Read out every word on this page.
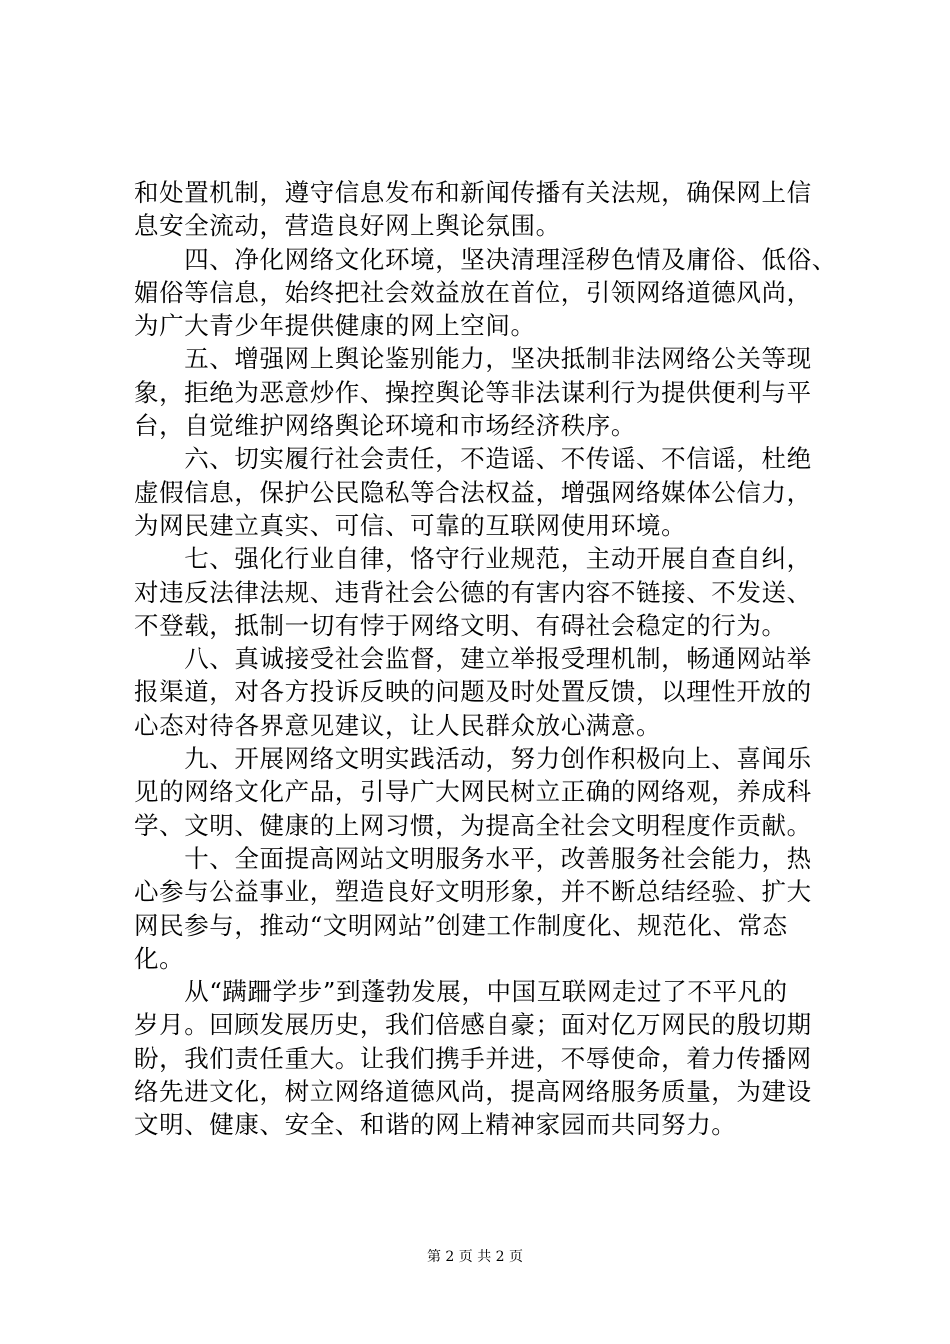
和处置机制，遵守信息发布和新闻传播有关法规，确保网上信
息安全流动，营造良好网上舆论氛围。
　　四、净化网络文化环境，坚决清理淫秽色情及庸俗、低俗、
媚俗等信息，始终把社会效益放在首位，引领网络道德风尚，
为广大青少年提供健康的网上空间。
　　五、增强网上舆论鉴别能力，坚决抵制非法网络公关等现
象，拒绝为恶意炒作、操控舆论等非法谋利行为提供便利与平
台，自觉维护网络舆论环境和市场经济秩序。
　　六、切实履行社会责任，不造谣、不传谣、不信谣，杜绝
虚假信息，保护公民隐私等合法权益，增强网络媒体公信力，
为网民建立真实、可信、可靠的互联网使用环境。
　　七、强化行业自律，恪守行业规范，主动开展自查自纠，
对违反法律法规、违背社会公德的有害内容不链接、不发送、
不登载，抵制一切有悖于网络文明、有碍社会稳定的行为。
　　八、真诚接受社会监督，建立举报受理机制，畅通网站举
报渠道，对各方投诉反映的问题及时处置反馈，以理性开放的
心态对待各界意见建议，让人民群众放心满意。
　　九、开展网络文明实践活动，努力创作积极向上、喜闻乐
见的网络文化产品，引导广大网民树立正确的网络观，养成科
学、文明、健康的上网习惯，为提高全社会文明程度作贡献。
　　十、全面提高网站文明服务水平，改善服务社会能力，热
心参与公益事业，塑造良好文明形象，并不断总结经验、扩大
网民参与，推动“文明网站”创建工作制度化、规范化、常态
化。
　　从“蹒跚学步”到蓬勃发展，中国互联网走过了不平凡的
岁月。回顾发展历史，我们倍感自豪；面对亿万网民的殷切期
盼，我们责任重大。让我们携手并进，不辱使命，着力传播网
络先进文化，树立网络道德风尚，提高网络服务质量，为建设
文明、健康、安全、和谐的网上精神家园而共同努力。
第 2 页 共 2 页
